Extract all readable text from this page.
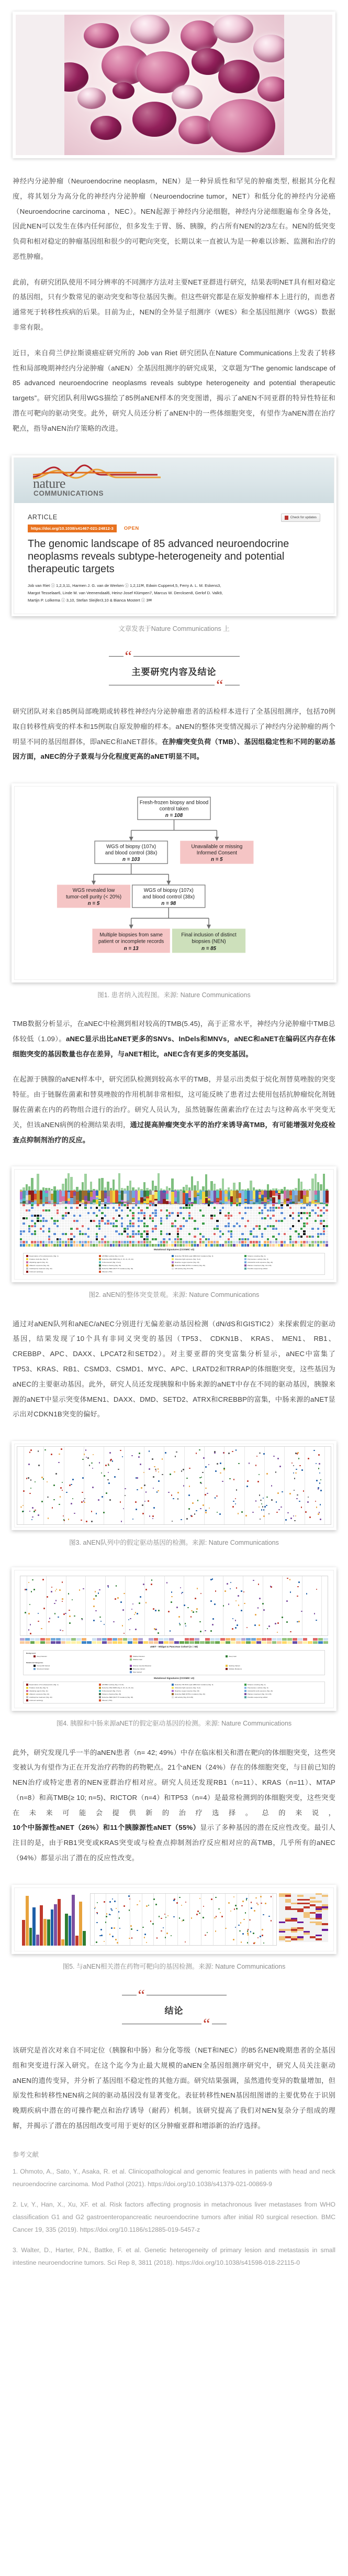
神经内分泌肿瘤（Neuroendocrine neoplasm，NEN）是一种异质性和罕见的肿瘤类型, 根据其分化程度，将其划分为高分化的神经内分泌肿瘤（Neuroendocrine tumor，NET）和低分化的神经内分泌癌（Neuroendocrine carcinoma ，NEC）。NEN起源于神经内分泌细胞，神经内分泌细胞遍布全身各处，因此NEN可以发生在体内任何部位，但多发生于胃、肠、胰腺，约占所有NEN的2/3左右。NEN的低突变负荷和相对稳定的肿瘤基因组和很少的可靶向突变，长期以来一直被认为是一种难以诊断、监测和治疗的恶性肿瘤。

此前，有研究团队使用不同分辨率的不同测序方法对主要NET亚群进行研究，结果表明NET具有相对稳定的基因组，只有少数常见的驱动突变和等位基因失衡。但这些研究都是在原发肿瘤样本上进行的，而患者通常死于转移性疾病的后果。目前为止，NEN的全外显子组测序（WES）和全基因组测序（WGS）数据非常有限。

近日，来自荷兰伊拉斯谟癌症研究所的 Job van Riet 研究团队在Nature Communications上发表了转移性和局部晚期神经内分泌肿瘤（aNEN）全基因组测序的研究成果，文章题为“The genomic landscape of 85 advanced neuroendocrine neoplasms reveals subtype heterogeneity and potential therapeutic targets”。研究团队利用WGS描绘了85例aNEN样本的突变图谱，揭示了aNEN不同亚群的特异性特征和潜在可靶向的驱动突变。此外，研究人员还分析了aNEN中的一些体细胞突变，有望作为aNEN潜在治疗靶点，指导aNEN治疗策略的改进。

nature
COMMUNICATIONS
Check for updates
ARTICLE
https://doi.org/10.1038/s41467-021-24812-3	OPEN
The genomic landscape of 85 advanced neuroendocrine neoplasms reveals subtype-heterogeneity and potential therapeutic targets
Job van Riet ⓘ 1,2,3,11, Harmen J. G. van de Werken ⓘ 1,2,11✉, Edwin Cuppen4,5, Ferry A. L. M. Eskens3,
Margot Tesselaar6, Linde M. van Veenendaal6, Heinz-Josef Klümpen7, Marcus W. Dercksen8, Gerlof D. Valk9,
Martijn P. Lolkema ⓘ 3,10, Stefan Sleijfer3,10 & Bianca Mostert ⓘ 3✉
文章发表于Nature Communications 上
“
主要研究内容及结论
“

研究团队对来自85例局部晚期或转移性神经内分泌肿瘤患者的活检样本进行了全基因组测序，包括70例取自转移性病变的样本和15例取自原发肿瘤的样本。aNEN的整体突变情况揭示了神经内分泌肿瘤的两个明显不同的基因组群体，即aNEC和aNET群体。在肿瘤突变负荷（TMB）、基因组稳定性和不同的驱动基因方面，aNEC的分子景观与分化程度更高的aNET明显不同。

Fresh-frozen biopsy and blood
control taken
n = 108
WGS of biopsy (107x)
and blood control (38x)
n = 103
Unavailable or missing
Informed Consent
n = 5
WGS revealed low
tumor-cell purity (< 20%)
n = 5
WGS of biopsy (107x)
and blood control (38x)
n = 98
Multiple biopsies from same
patient or incomplete records
n = 13
Final inclusion of distinct
biopsies (NEN)
n = 85
图1. 患者纳入流程图。来源: Nature Communications

TMB数据分析显示，在aNEC中检测到相对较高的TMB(5.45)，高于正常水平，神经内分泌肿瘤中TMB总体较低（1.09）。aNEC显示出比aNET更多的SNVs、InDels和MNVs，aNEC和aNET在编码区内存在体细胞突变的基因数量也存在差异，与aNET相比，aNEC含有更多的突变基因。

在起源于胰腺的aNEN样本中，研究团队检测到较高水平的TMB，并显示出类似于烷化剂替莫唑胺的突变特征。由于链脲佐菌素和替莫唑胺的作用机制非常相似，这可能反映了患者过去使用包括抗肿瘤烷化剂链脲佐菌素在内的药物组合进行的治疗。研究人员认为，虽然链脲佐菌素治疗在过去与这种高水平突变无关，但该aNEN病例的检测结果表明，通过提高肿瘤突变水平的治疗来诱导高TMB，有可能增强对免疫检查点抑制剂治疗的反应。

Mutational Signatures (COSMIC v3)
Deamination of 5-methylcytosine (Sig. 1)	APOBEC activity (Sig. 2 & 13)	Defective HR DNA repair (BRCA1/2 mutation) (Sig. 3)	Tobacco smoking (Sig. 4)
Putative clock-like (Sig. 5)	Defective DNA MMR (Sig. 6, 15, 21, 26, 44)	Ultraviolet light exposure (Sig. 7a-d)	Polymerase ε activity (Sig. 9)
Alkylating agents (Sig. 11)	5-Fluorouracil (Sig. 17a-b)	Reactive oxygen species (Sig. 18)	Aristolochic acid exposure (Sig. 22)
Aflatoxin exposure (Sig. 24)	Tobacco chewing (Sig. 29)	Defective BER (NTHL1 mutation) (Sig. 30)	Platinum treatment (Sig. 31 & 35)
Azathioprine treatment (Sig. 32)	Defective BER (MUTYH mutation) (Sig. 36)	AID activity (Sig. 84 & 85)	Possible sequencing artifact
Unknown aetiology	Filtered (<5%)
图2. aNEN的整体突变景观。来源: Nature Communications

通过对aNEN队列和aNEC/aNEC分别进行无偏差驱动基因检测（dN/dS和GISTIC2）来探索假定的驱动基因，结果发现了10个具有非同义突变的基因（TP53、 CDKN1B、 KRAS、 MEN1、 RB1、 CREBBP、APC、DAXX、LPCAT2和SETD2）。对主要亚群的突变富集分析显示，aNEC中富集了TP53、KRAS、RB1、CSMD3、CSMD1、MYC、APC、LRATD2和TRRAP的体细胞突变，这些基因为aNEC的主要驱动基因。此外，研究人员还发现胰腺和中肠来源的aNET中存在不同的驱动基因，胰腺来源的aNET中显示突变体MEN1、DAXX、DMD、SETD2、ATRX和CREBBP的富集，中肠来源的aNET显示出对CDKN1B突变的偏好。

图3. aNEN队列中的假定驱动基因的检测。来源: Nature Communications
aNET - Midgut & Pancreas Cohort (n = 58)
Background
Deep Deletion	Shallow Deletion	Deep Gain
Shallow Gain
Mutational Categories
Frameshift Variant	Inframe Insertion/Deletion	Splicing Variant
Structural Variant	Missense Variant	Multiple Mutations
Stop Gained
Mutational Signatures (COSMIC v3)
Deamination of 5-methylcytosine (Sig. 1)	APOBEC activity (Sig. 2 & 13)	Defective HR DNA repair (BRCA1/2 mutation) (Sig. 3)	Tobacco smoking (Sig. 4)
Putative clock-like (Sig. 5)	Defective DNA MMR (Sig. 6, 15, 21, 26, 44)	Ultraviolet light exposure (Sig. 7a-d)	Polymerase ε activity (Sig. 9)
Alkylating agents (Sig. 11)	5-Fluorouracil (Sig. 17a-b)	Reactive oxygen species (Sig. 18)	Aristolochic acid exposure (Sig. 22)
Aflatoxin exposure (Sig. 24)	Tobacco chewing (Sig. 29)	Defective BER (NTHL1 mutation) (Sig. 30)	Platinum treatment (Sig. 31 & 35)
Azathioprine treatment (Sig. 32)	Defective BER (MUTYH mutation) (Sig. 36)	AID activity (Sig. 84 & 85)	Possible sequencing artifact
Unknown aetiology	Filtered (<5%)
图4. 胰腺和中肠来源aNET的假定驱动基因的检测。来源: Nature Communications

此外，研究发现几乎一半的aNEN患者（n= 42; 49%）中存在临床相关和潜在靶向的体细胞突变，这些突变被认为有望作为正在开发治疗药物的药物靶点。21个aNEN（24%）存在的体细胞突变，与目前已知的NEN治疗或特定患者的NEN亚群治疗相对应。研究人员还发现RB1（n=11）、KRAS（n=11）、MTAP（n=8）和高TMB(≥ 10; n=5)、RICTOR（n=4）和TP53（n=4）是最常检测到的体细胞突变，这些突变在未来可能会提供新的治疗选择。总的来说，10个中肠源性aNET（26%）和11个胰腺源性aNET（55%）显示了多种基因的潜在反应性改变。最引人注目的是，由于RB1突变或KRAS突变或与检查点抑制剂治疗反应相对应的高TMB，几乎所有的aNEC（94%）都显示出了潜在的反应性改变。

图5. 与aNEN相关潜在药物可靶向的基因检测。来源: Nature Communications
“
结论
“

该研究是首次对来自不同定位（胰腺和中肠）和分化等级（NET和NEC）的85名NEN晚期患者的全基因组和突变进行深入研究。在这个迄今为止最大规模的aNEN全基因组测序研究中，研究人员关注驱动aNEN的遗传变异，并分析了基因组不稳定性的其他方面。研究结果强调，虽然遗传变异的数量增加，但原发性和转移性NEN病之间的驱动基因没有显著变化。表征转移性NEN基因组图谱的主要优势在于识别晚期疾病中潜在的可操作靶点和治疗诱导（耐药）机制。该研究提高了我们对NEN复杂分子组成的理解，并揭示了潜在的基因组改变可用于更好的区分肿瘤亚群和增添新的治疗选择。

参考文献
1. Ohmoto, A., Sato, Y., Asaka, R. et al. Clinicopathological and genomic features in patients with head and neck neuroendocrine carcinoma. Mod Pathol (2021). https://doi.org/10.1038/s41379-021-00869-9
2. Lv, Y., Han, X., Xu, XF. et al. Risk factors affecting prognosis in metachronous liver metastases from WHO classification G1 and G2 gastroenteropancreatic neuroendocrine tumors after initial R0 surgical resection. BMC Cancer 19, 335 (2019). https://doi.org/10.1186/s12885-019-5457-z
3. Walter, D., Harter, P.N., Battke, F. et al. Genetic heterogeneity of primary lesion and metastasis in small intestine neuroendocrine tumors. Sci Rep 8, 3811 (2018). https://doi.org/10.1038/s41598-018-22115-0
